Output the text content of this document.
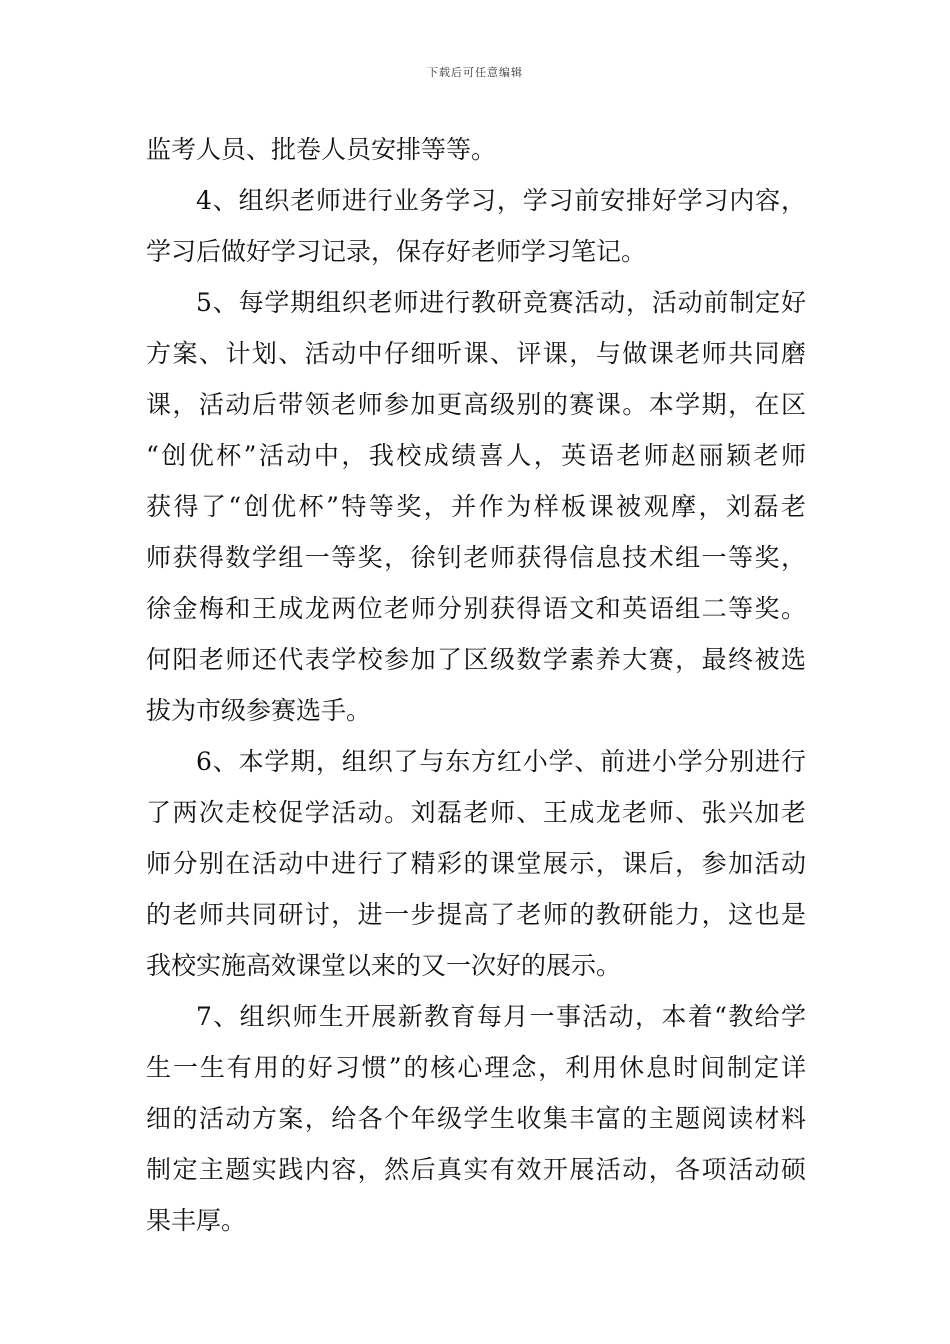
下载后可任意编辑
监考人员、批卷人员安排等等。
4、组织老师进行业务学习，学习前安排好学习内容，
学习后做好学习记录，保存好老师学习笔记。
5、每学期组织老师进行教研竞赛活动，活动前制定好
方案、计划、活动中仔细听课、评课，与做课老师共同磨
课，活动后带领老师参加更高级别的赛课。本学期，在区
“创优杯”活动中，我校成绩喜人，英语老师赵丽颖老师
获得了“创优杯”特等奖，并作为样板课被观摩，刘磊老
师获得数学组一等奖，徐钊老师获得信息技术组一等奖，
徐金梅和王成龙两位老师分别获得语文和英语组二等奖。
何阳老师还代表学校参加了区级数学素养大赛，最终被选
拔为市级参赛选手。
6、本学期，组织了与东方红小学、前进小学分别进行
了两次走校促学活动。刘磊老师、王成龙老师、张兴加老
师分别在活动中进行了精彩的课堂展示，课后，参加活动
的老师共同研讨，进一步提高了老师的教研能力，这也是
我校实施高效课堂以来的又一次好的展示。
7、组织师生开展新教育每月一事活动，本着“教给学
生一生有用的好习惯”的核心理念，利用休息时间制定详
细的活动方案，给各个年级学生收集丰富的主题阅读材料
制定主题实践内容，然后真实有效开展活动，各项活动硕
果丰厚。
